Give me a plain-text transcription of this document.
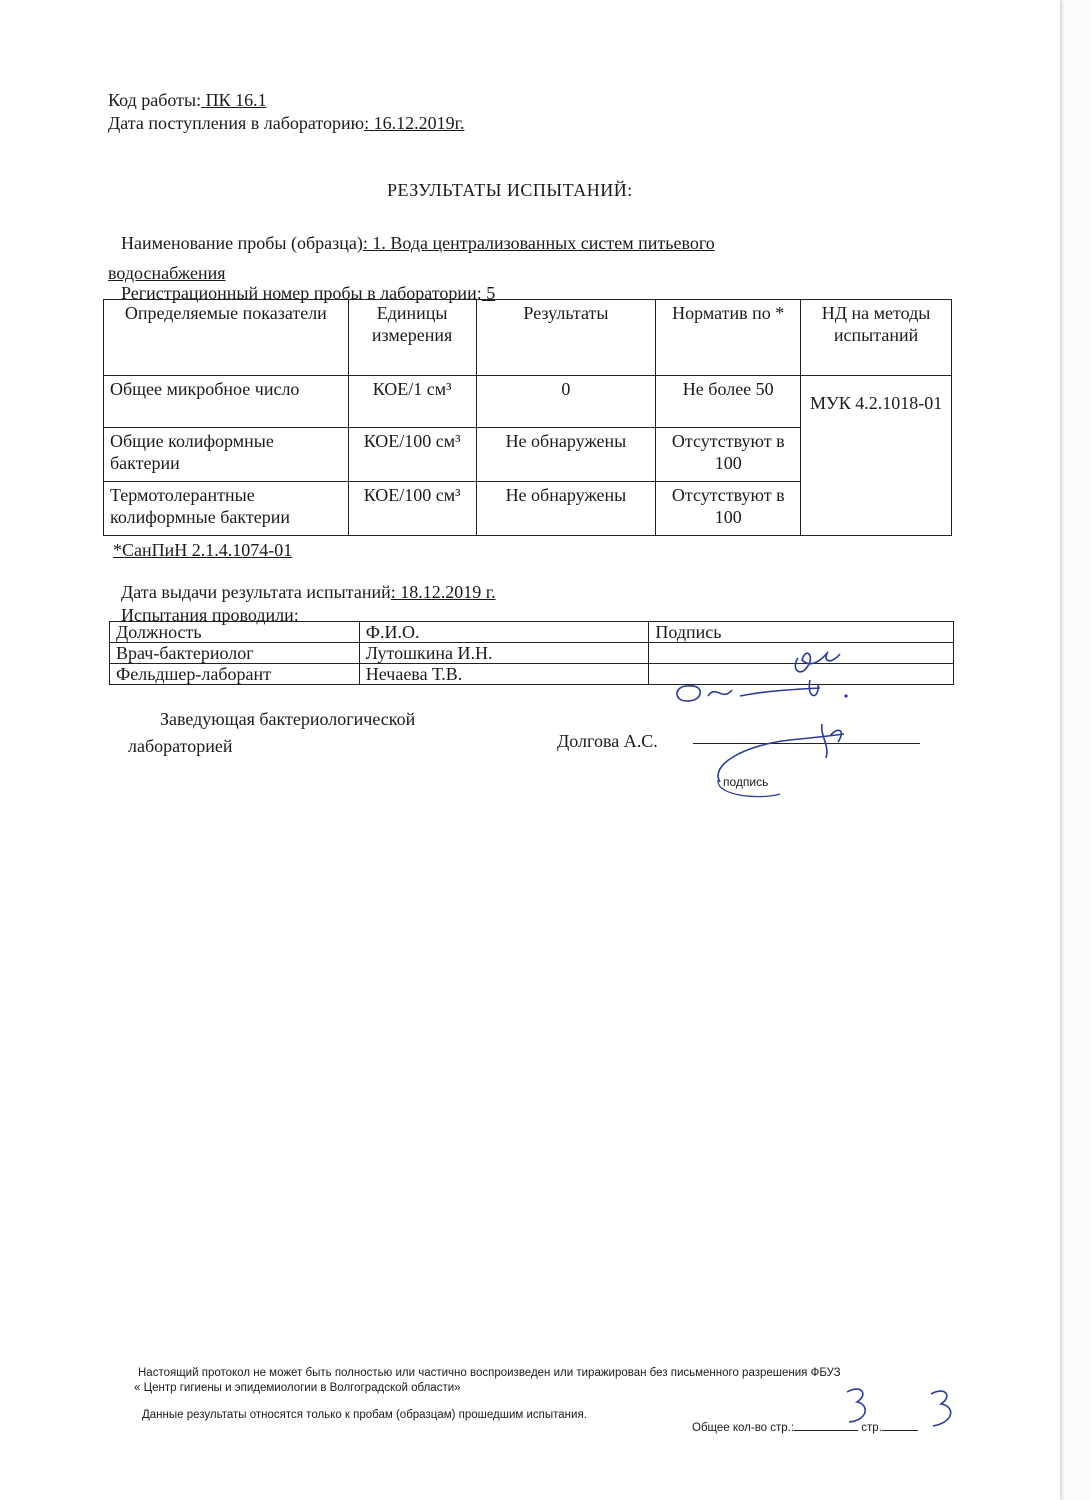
Код работы: ПК 16.1
Дата поступления в лабораторию: 16.12.2019г.
РЕЗУЛЬТАТЫ ИСПЫТАНИЙ:
Наименование пробы (образца): 1. Вода централизованных систем питьевого
водоснабжения
Регистрационный номер пробы в лаборатории: 5
Определяемые показатели	Единицы измерения	Результаты	Норматив по *	НД на методы испытаний
Общее микробное число	КОЕ/1 см³	0	Не более 50	МУК 4.2.1018-01
Общие колиформные бактерии	КОЕ/100 см³	Не обнаружены	Отсутствуют в 100	
Термотолерантные колиформные бактерии	КОЕ/100 см³	Не обнаружены	Отсутствуют в 100	
*СанПиН 2.1.4.1074-01
Дата выдачи результата испытаний: 18.12.2019 г.
Испытания проводили:
Должность	Ф.И.О.	Подпись
Врач-бактериолог	Лутошкина И.Н.	
Фельдшер-лаборант	Нечаева Т.В.	
Заведующая бактериологической
лабораторией	Долгова А.С.
подпись
Настоящий протокол не может быть полностью или частично воспроизведен или тиражирован без письменного разрешения ФБУЗ
« Центр гигиены и эпидемиологии в Волгоградской области»
Данные результаты относятся только к пробам (образцам) прошедшим испытания.
Общее кол-во стр.:	стр.
